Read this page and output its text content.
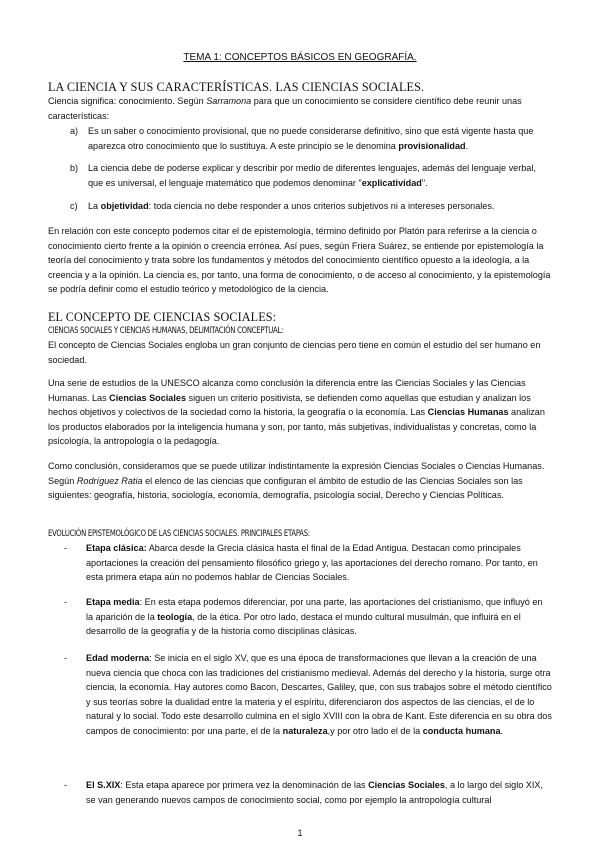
TEMA 1: CONCEPTOS BÁSICOS EN GEOGRAFÍA.
LA CIENCIA Y SUS CARACTERÍSTICAS. LAS CIENCIAS SOCIALES.

Ciencia significa: conocimiento. Según Sarramona para que un conocimiento se considere científico debe reunir unas características:

a) Es un saber o conocimiento provisional, que no puede considerarse definitivo, sino que está vigente hasta que aparezca otro conocimiento que lo sustituya. A este principio se le denomina provisionalidad.
b) La ciencia debe de poderse explicar y describir por medio de diferentes lenguajes, además del lenguaje verbal, que es universal, el lenguaje matemático que podemos denominar "explicatividad".
c) La objetividad: toda ciencia no debe responder a unos criterios subjetivos ni a intereses personales.

En relación con este concepto podemos citar el de epistemología, término definido por Platón para referirse a la ciencia o conocimiento cierto frente a la opinión o creencia errónea. Así pues, según Friera Suárez, se entiende por epistemología la teoría del conocimiento y trata sobre los fundamentos y métodos del conocimiento científico opuesto a la ideología, a la creencia y a la opinión. La ciencia es, por tanto, una forma de conocimiento, o de acceso al conocimiento, y la epistemología se podría definir como el estudio teórico y metodológico de la ciencia.

EL CONCEPTO DE CIENCIAS SOCIALES:
CIENCIAS SOCIALES Y CIENCIAS HUMANAS, DELIMITACIÓN CONCEPTUAL:

El concepto de Ciencias Sociales engloba un gran conjunto de ciencias pero tiene en común el estudio del ser humano en sociedad.

Una serie de estudios de la UNESCO alcanza como conclusión la diferencia entre las Ciencias Sociales y las Ciencias Humanas. Las Ciencias Sociales siguen un criterio positivista, se defienden como aquellas que estudian y analizan los hechos objetivos y colectivos de la sociedad como la historia, la geografía o la economía. Las Ciencias Humanas analizan los productos elaborados por la inteligencia humana y son, por tanto, más subjetivas, individualistas y concretas, como la psicología, la antropología o la pedagogía.

Como conclusión, consideramos que se puede utilizar indistintamente la expresión Ciencias Sociales o Ciencias Humanas. Según Rodríguez Ratia el elenco de las ciencias que configuran el ámbito de estudio de las Ciencias Sociales son las siguientes: geografía, historia, sociología, economía, demografía, psicología social, Derecho y Ciencias Políticas.

EVOLUCIÓN EPISTEMOLÓGICO DE LAS CIENCIAS SOCIALES. PRINCIPALES ETAPAS:
- Etapa clásica: Abarca desde la Grecia clásica hasta el final de la Edad Antigua. Destacan como principales aportaciones la creación del pensamiento filosófico griego y, las aportaciones del derecho romano. Por tanto, en esta primera etapa aún no podemos hablar de Ciencias Sociales.
- Etapa media: En esta etapa podemos diferenciar, por una parte, las aportaciones del cristianismo, que influyó en la aparición de la teología, de la ética. Por otro lado, destaca el mundo cultural musulmán, que influirá en el desarrollo de la geografía y de la historia como disciplinas clásicas.
- Edad moderna: Se inicia en el siglo XV, que es una época de transformaciones que llevan a la creación de una nueva ciencia que choca con las tradiciones del cristianismo medieval. Además del derecho y la historia, surge otra ciencia, la economía. Hay autores como Bacon, Descartes, Galiley, que, con sus trabajos sobre el método científico y sus teorías sobre la dualidad entre la materia y el espíritu, diferenciaron dos aspectos de las ciencias, el de lo natural y lo social. Todo este desarrollo culmina en el siglo XVIII con la obra de Kant. Este diferencia en su obra dos campos de conocimiento: por una parte, el de la naturaleza,y por otro lado el de la conducta humana.
- El S.XIX: Esta etapa aparece por primera vez la denominación de las Ciencias Sociales, a lo largo del siglo XIX, se van generando nuevos campos de conocimiento social, como por ejemplo la antropología cultural
1
